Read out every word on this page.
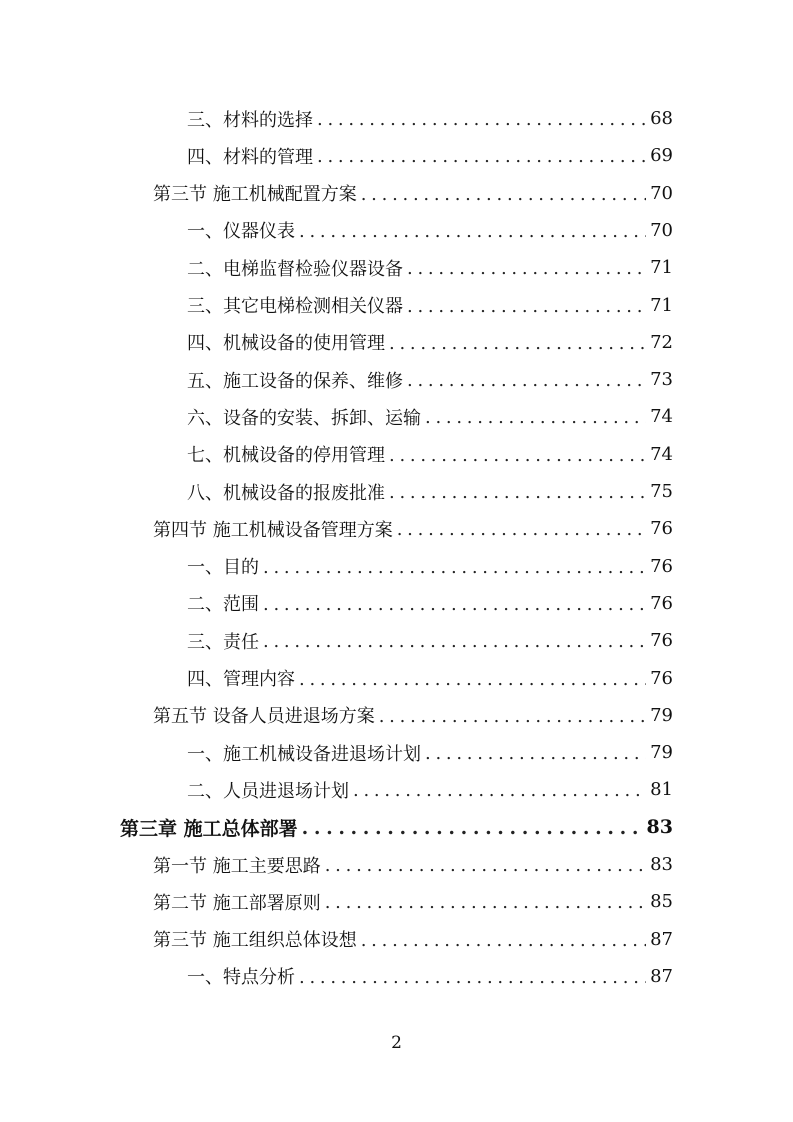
三、材料的选择 . . .	68
四、材料的管理 . . .	69
第三节 施工机械配置方案 . . .	70
一、仪器仪表 . . .	70
二、电梯监督检验仪器设备 . . .	71
三、其它电梯检测相关仪器 . . .	71
四、机械设备的使用管理 . . .	72
五、施工设备的保养、维修 . . .	73
六、设备的安装、拆卸、运输 . . .	74
七、机械设备的停用管理 . . .	74
八、机械设备的报废批准 . . .	75
第四节 施工机械设备管理方案 . . .	76
一、目的 . . .	76
二、范围 . . .	76
三、责任 . . .	76
四、管理内容 . . .	76
第五节 设备人员进退场方案 . . .	79
一、施工机械设备进退场计划 . . .	79
二、人员进退场计划 . . .	81
第三章 施工总体部署 . . .	83
第一节 施工主要思路 . . .	83
第二节 施工部署原则 . . .	85
第三节 施工组织总体设想 . . .	87
一、特点分析 . . .	87
2
